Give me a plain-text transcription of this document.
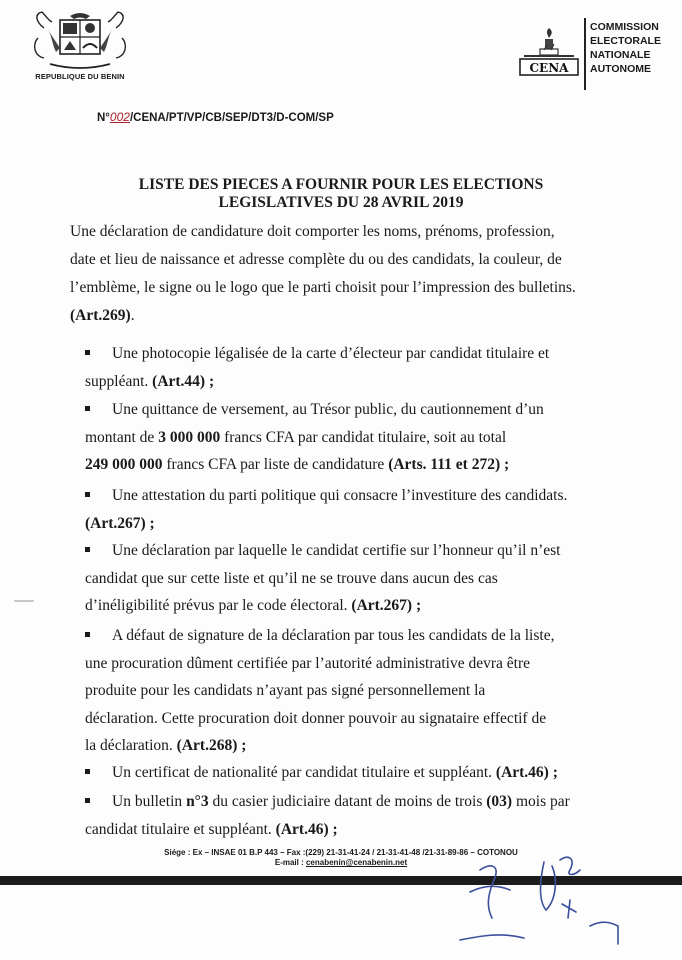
REPUBLIQUE DU BENIN
CENA
COMMISSION
ELECTORALE
NATIONALE
AUTONOME
N°002/CENA/PT/VP/CB/SEP/DT3/D-COM/SP
LISTE DES PIECES A FOURNIR POUR LES ELECTIONS
LEGISLATIVES DU 28 AVRIL 2019
Une déclaration de candidature doit comporter les noms, prénoms, profession,
date et lieu de naissance et adresse complète du ou des candidats, la couleur, de
l’emblème, le signe ou le logo que le parti choisit pour l’impression des bulletins.
(Art.269).
Une photocopie légalisée de la carte d’électeur par candidat titulaire et
suppléant. (Art.44) ;
Une quittance de versement, au Trésor public, du cautionnement d’un
montant de 3 000 000 francs CFA par candidat titulaire, soit au total
249 000 000 francs CFA par liste de candidature (Arts. 111 et 272) ;
Une attestation du parti politique qui consacre l’investiture des candidats.
(Art.267) ;
Une déclaration par laquelle le candidat certifie sur l’honneur qu’il n’est
candidat que sur cette liste et qu’il ne se trouve dans aucun des cas
d’inéligibilité prévus par le code électoral. (Art.267) ;
A défaut de signature de la déclaration par tous les candidats de la liste,
une procuration dûment certifiée par l’autorité administrative devra être
produite pour les candidats n’ayant pas signé personnellement la
déclaration. Cette procuration doit donner pouvoir au signataire effectif de
la déclaration. (Art.268) ;
Un certificat de nationalité par candidat titulaire et suppléant. (Art.46) ;
Un bulletin n°3 du casier judiciaire datant de moins de trois (03) mois par
candidat titulaire et suppléant. (Art.46) ;
Siége : Ex – INSAE 01 B.P 443 – Fax :(229) 21-31-41-24 / 21-31-41-48 /21-31-89-86 – COTONOU
E-mail : cenabenin@cenabenin.net
